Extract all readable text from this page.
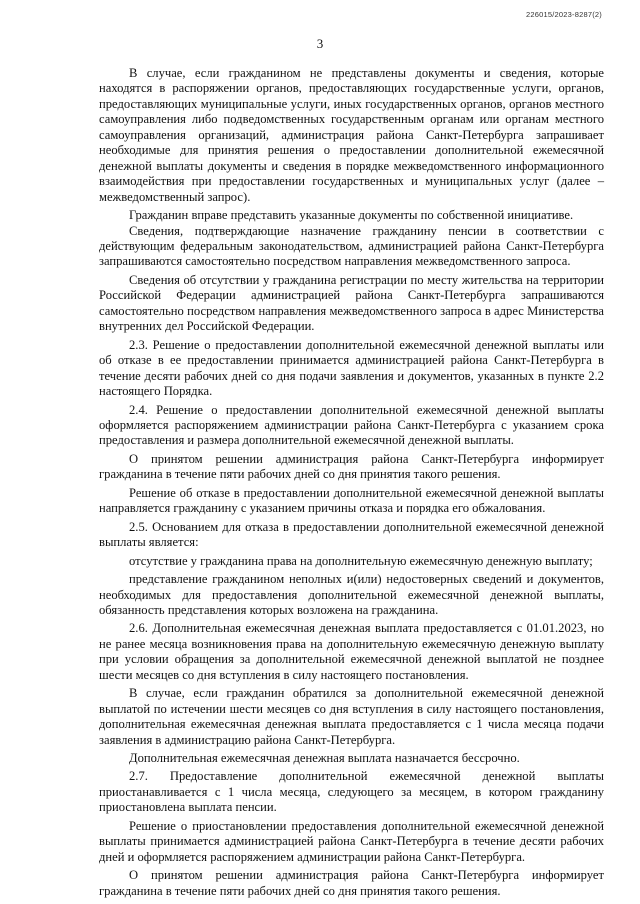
226015/2023-8287(2)
3

В случае, если гражданином не представлены документы и сведения, которые находятся в распоряжении органов, предоставляющих государственные услуги, органов, предоставляющих муниципальные услуги, иных государственных органов, органов местного самоуправления либо подведомственных государственным органам или органам местного самоуправления организаций, администрация района Санкт-Петербурга запрашивает необходимые для принятия решения о предоставлении дополнительной ежемесячной денежной выплаты документы и сведения в порядке межведомственного информационного взаимодействия при предоставлении государственных и муниципальных услуг (далее – межведомственный запрос).

Гражданин вправе представить указанные документы по собственной инициативе.

Сведения, подтверждающие назначение гражданину пенсии в соответствии с действующим федеральным законодательством, администрацией района Санкт-Петербурга запрашиваются самостоятельно посредством направления межведомственного запроса.

Сведения об отсутствии у гражданина регистрации по месту жительства на территории Российской Федерации администрацией района Санкт-Петербурга запрашиваются самостоятельно посредством направления межведомственного запроса в адрес Министерства внутренних дел Российской Федерации.

2.3. Решение о предоставлении дополнительной ежемесячной денежной выплаты или об отказе в ее предоставлении принимается администрацией района Санкт-Петербурга в течение десяти рабочих дней со дня подачи заявления и документов, указанных в пункте 2.2 настоящего Порядка.

2.4. Решение о предоставлении дополнительной ежемесячной денежной выплаты оформляется распоряжением администрации района Санкт-Петербурга с указанием срока предоставления и размера дополнительной ежемесячной денежной выплаты.

О принятом решении администрация района Санкт-Петербурга информирует гражданина в течение пяти рабочих дней со дня принятия такого решения.

Решение об отказе в предоставлении дополнительной ежемесячной денежной выплаты направляется гражданину с указанием причины отказа и порядка его обжалования.

2.5. Основанием для отказа в предоставлении дополнительной ежемесячной денежной выплаты является:

отсутствие у гражданина права на дополнительную ежемесячную денежную выплату;

представление гражданином неполных и(или) недостоверных сведений и документов, необходимых для предоставления дополнительной ежемесячной денежной выплаты, обязанность представления которых возложена на гражданина.

2.6. Дополнительная ежемесячная денежная выплата предоставляется с 01.01.2023, но не ранее месяца возникновения права на дополнительную ежемесячную денежную выплату при условии обращения за дополнительной ежемесячной денежной выплатой не позднее шести месяцев со дня вступления в силу настоящего постановления.

В случае, если гражданин обратился за дополнительной ежемесячной денежной выплатой по истечении шести месяцев со дня вступления в силу настоящего постановления, дополнительная ежемесячная денежная выплата предоставляется с 1 числа месяца подачи заявления в администрацию района Санкт-Петербурга.

Дополнительная ежемесячная денежная выплата назначается бессрочно.

2.7. Предоставление дополнительной ежемесячной денежной выплаты приостанавливается с 1 числа месяца, следующего за месяцем, в котором гражданину приостановлена выплата пенсии.

Решение о приостановлении предоставления дополнительной ежемесячной денежной выплаты принимается администрацией района Санкт-Петербурга в течение десяти рабочих дней и оформляется распоряжением администрации района Санкт-Петербурга.

О принятом решении администрация района Санкт-Петербурга информирует гражданина в течение пяти рабочих дней со дня принятия такого решения.
